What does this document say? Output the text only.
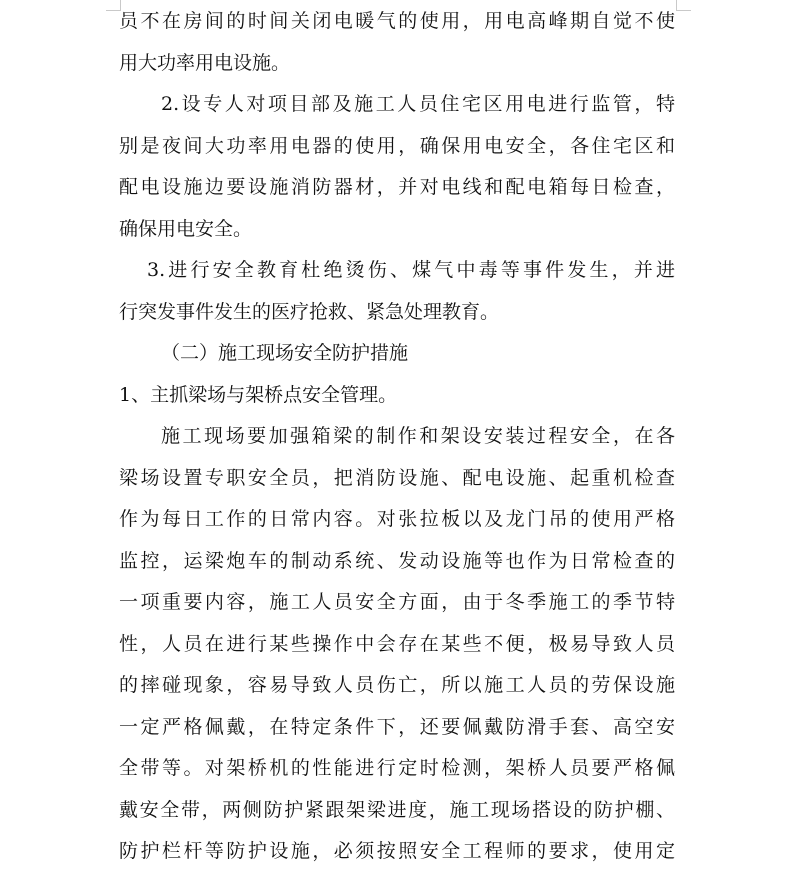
员不在房间的时间关闭电暖气的使用，用电高峰期自觉不使
用大功率用电设施。
2.设专人对项目部及施工人员住宅区用电进行监管，特
别是夜间大功率用电器的使用，确保用电安全，各住宅区和
配电设施边要设施消防器材，并对电线和配电箱每日检查，
确保用电安全。
3.进行安全教育杜绝烫伤、煤气中毒等事件发生，并进
行突发事件发生的医疗抢救、紧急处理教育。
（二）施工现场安全防护措施
1、主抓梁场与架桥点安全管理。
施工现场要加强箱梁的制作和架设安装过程安全，在各
梁场设置专职安全员，把消防设施、配电设施、起重机检查
作为每日工作的日常内容。对张拉板以及龙门吊的使用严格
监控，运梁炮车的制动系统、发动设施等也作为日常检查的
一项重要内容，施工人员安全方面，由于冬季施工的季节特
性，人员在进行某些操作中会存在某些不便，极易导致人员
的摔碰现象，容易导致人员伤亡，所以施工人员的劳保设施
一定严格佩戴，在特定条件下，还要佩戴防滑手套、高空安
全带等。对架桥机的性能进行定时检测，架桥人员要严格佩
戴安全带，两侧防护紧跟架梁进度，施工现场搭设的防护棚、
防护栏杆等防护设施，必须按照安全工程师的要求，使用定
